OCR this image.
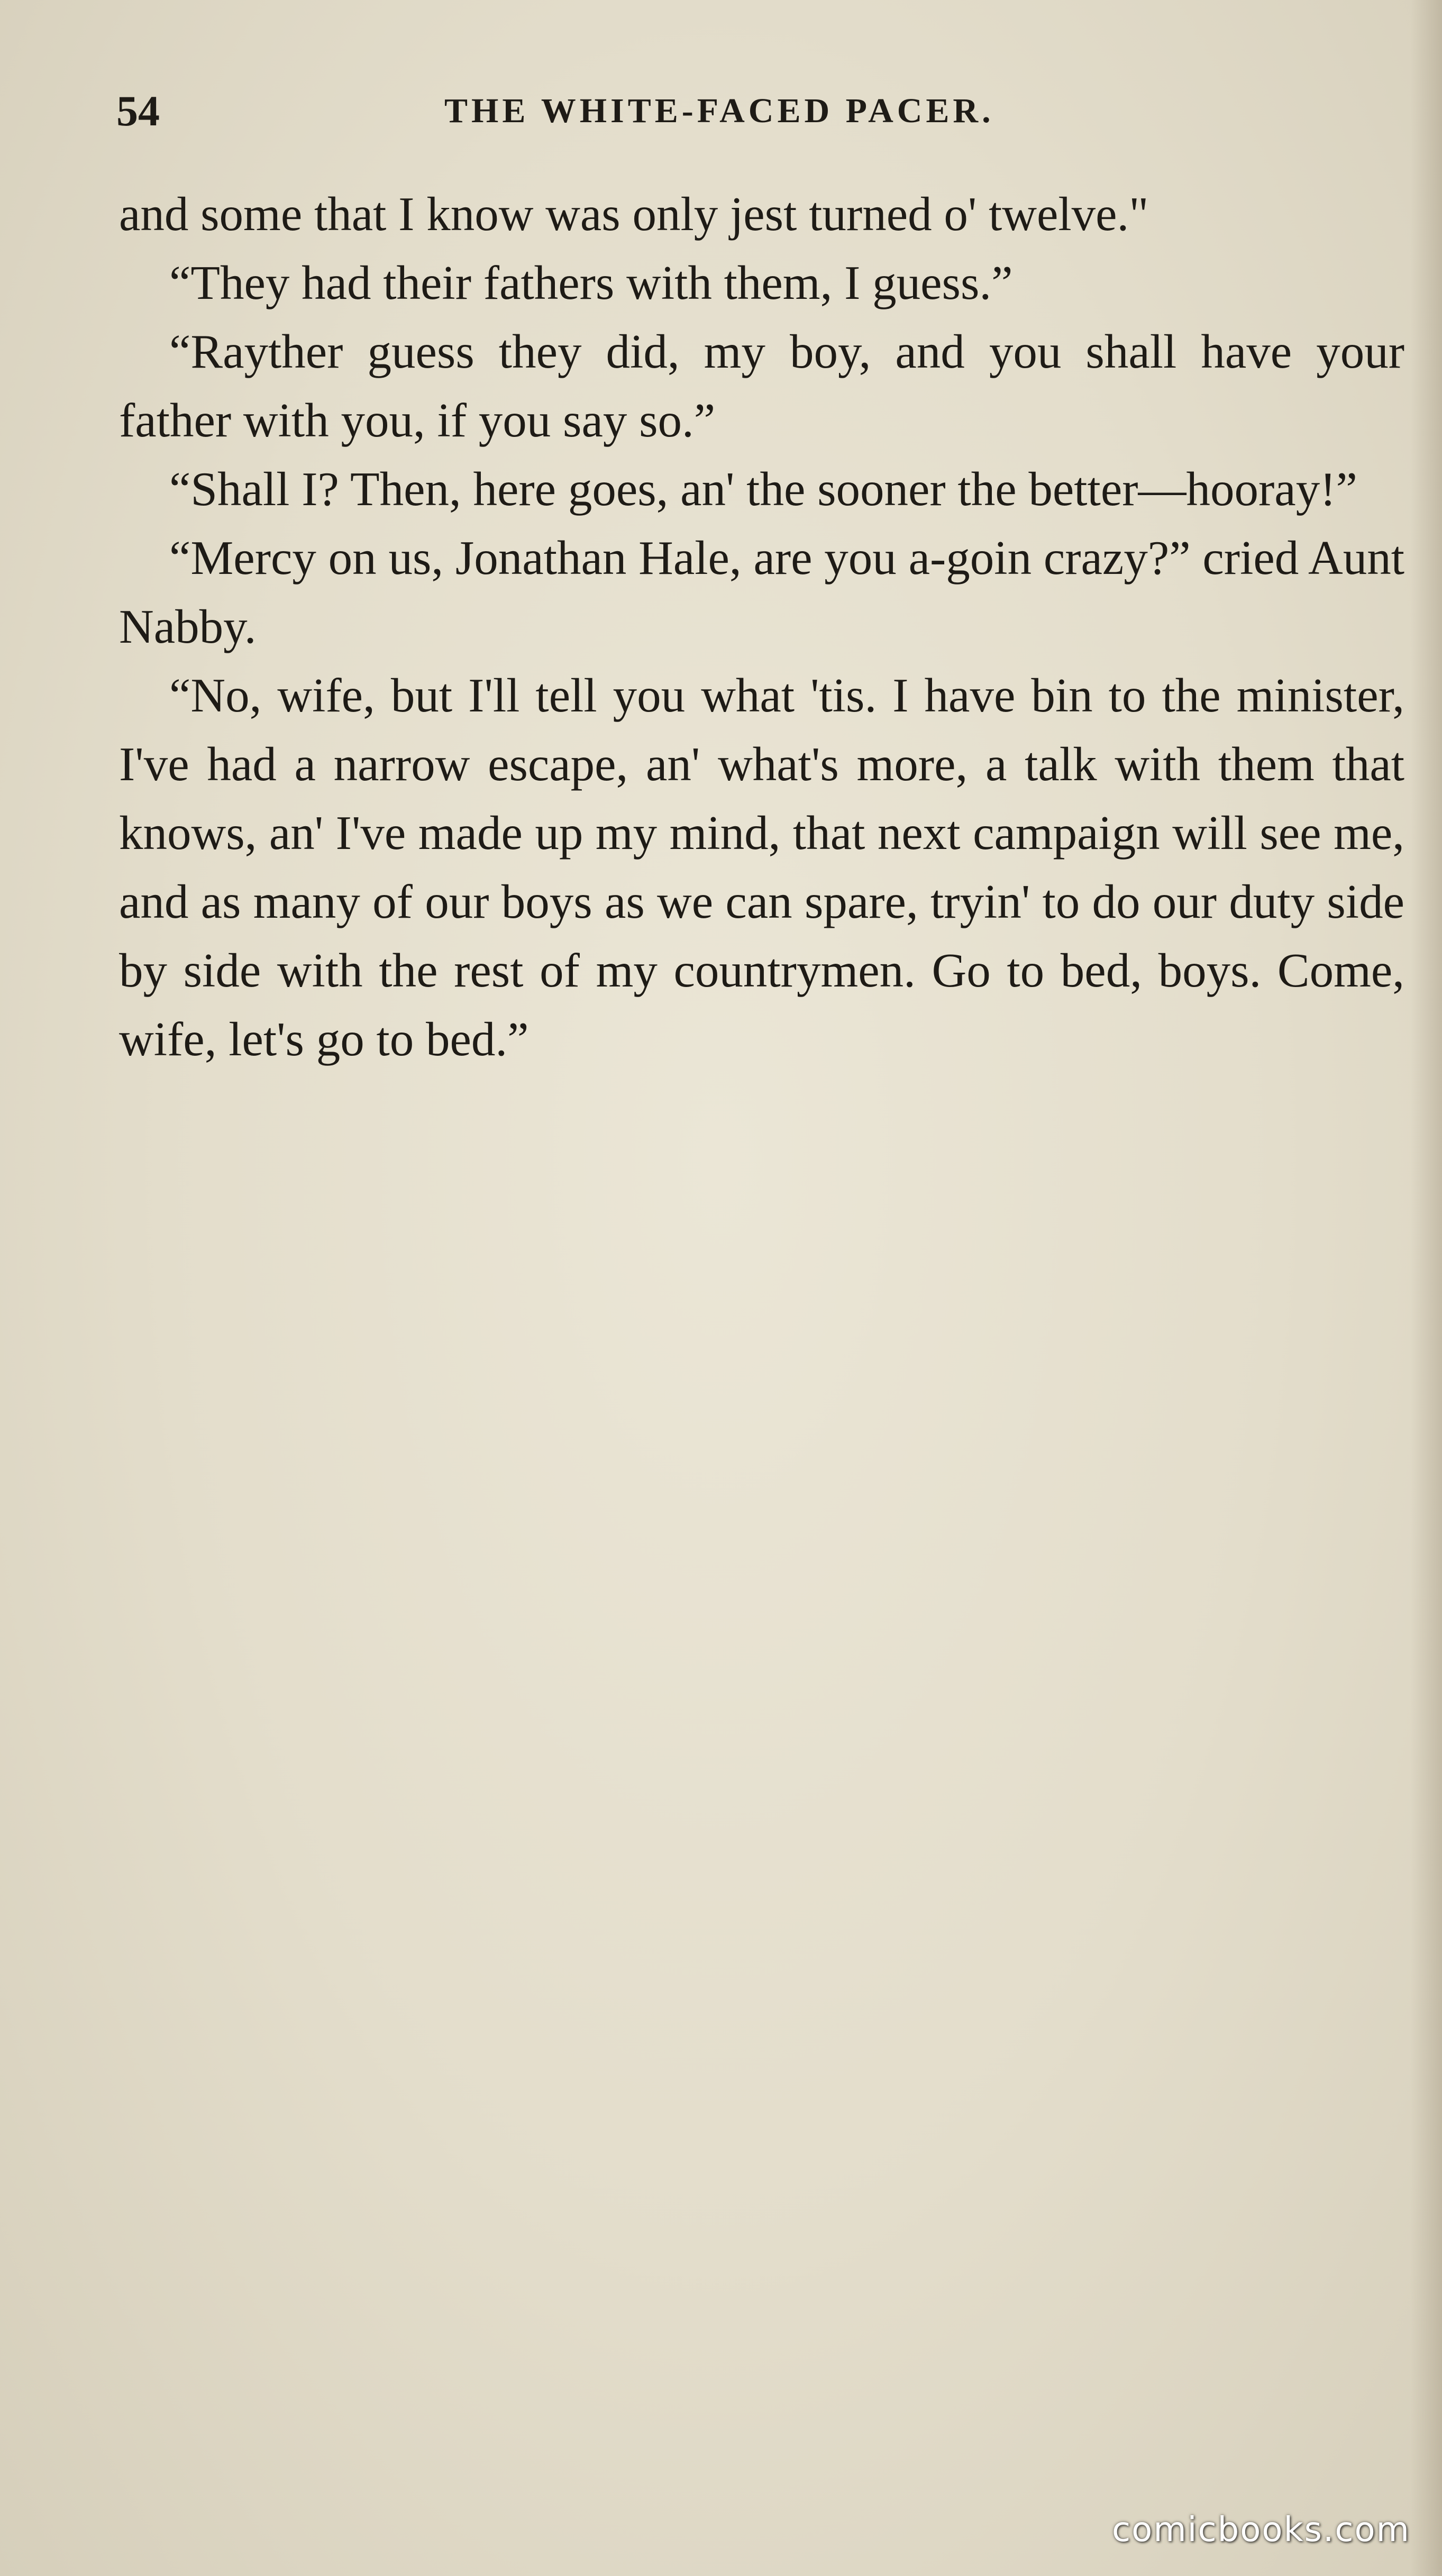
54	THE WHITE-FACED PACER.

and some that I know was only jest turned o' twelve."

“They had their fathers with them, I guess.”

“Rayther guess they did, my boy, and you shall have your father with you, if you say so.”

“Shall I? Then, here goes, an' the sooner the better—hooray!”

“Mercy on us, Jonathan Hale, are you a-goin crazy?” cried Aunt Nabby.

“No, wife, but I'll tell you what 'tis. I have bin to the minister, I've had a narrow escape, an' what's more, a talk with them that knows, an' I've made up my mind, that next campaign will see me, and as many of our boys as we can spare, tryin' to do our duty side by side with the rest of my countrymen. Go to bed, boys. Come, wife, let's go to bed.”

comicbooks.com
